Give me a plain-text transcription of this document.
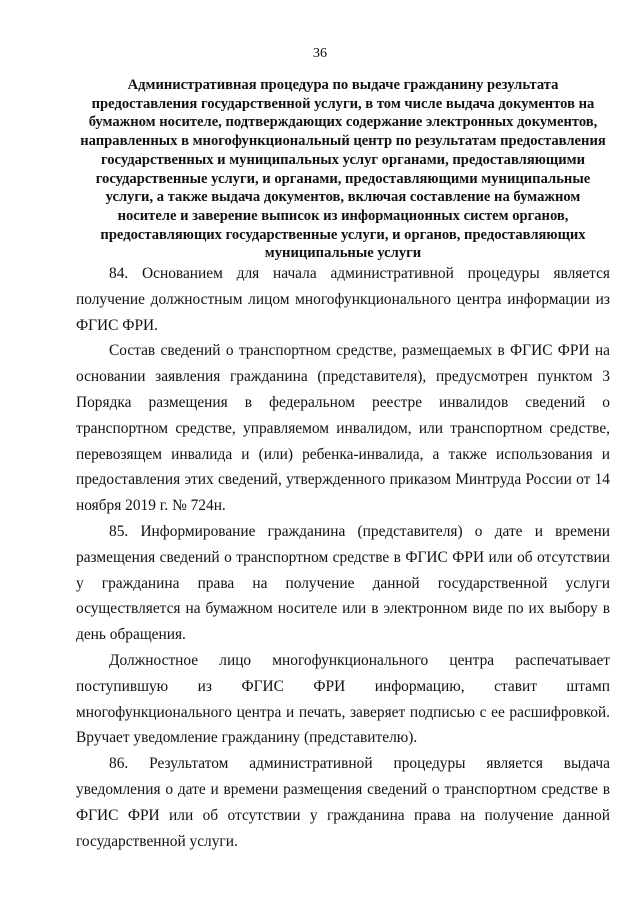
36
Административная процедура по выдаче гражданину результата предоставления государственной услуги, в том числе выдача документов на бумажном носителе, подтверждающих содержание электронных документов, направленных в многофункциональный центр по результатам предоставления государственных и муниципальных услуг органами, предоставляющими государственные услуги, и органами, предоставляющими муниципальные услуги, а также выдача документов, включая составление на бумажном носителе и заверение выписок из информационных систем органов, предоставляющих государственные услуги, и органов, предоставляющих муниципальные услуги

84. Основанием для начала административной процедуры является получение должностным лицом многофункционального центра информации из ФГИС ФРИ.

Состав сведений о транспортном средстве, размещаемых в ФГИС ФРИ на основании заявления гражданина (представителя), предусмотрен пунктом 3 Порядка размещения в федеральном реестре инвалидов сведений о транспортном средстве, управляемом инвалидом, или транспортном средстве, перевозящем инвалида и (или) ребенка-инвалида, а также использования и предоставления этих сведений, утвержденного приказом Минтруда России от 14 ноября 2019 г. № 724н.

85. Информирование гражданина (представителя) о дате и времени размещения сведений о транспортном средстве в ФГИС ФРИ или об отсутствии у гражданина права на получение данной государственной услуги осуществляется на бумажном носителе или в электронном виде по их выбору в день обращения.

Должностное лицо многофункционального центра распечатывает поступившую из ФГИС ФРИ информацию, ставит штамп многофункционального центра и печать, заверяет подписью с ее расшифровкой. Вручает уведомление гражданину (представителю).

86. Результатом административной процедуры является выдача уведомления о дате и времени размещения сведений о транспортном средстве в ФГИС ФРИ или об отсутствии у гражданина права на получение данной государственной услуги.
